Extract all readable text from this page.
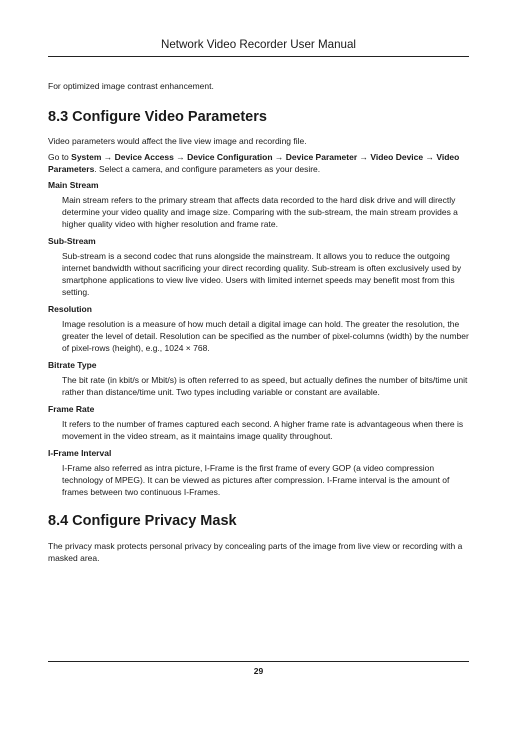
Network Video Recorder User Manual

For optimized image contrast enhancement.

8.3 Configure Video Parameters

Video parameters would affect the live view image and recording file.

Go to System → Device Access → Device Configuration → Device Parameter → Video Device → Video Parameters. Select a camera, and configure parameters as your desire.

Main Stream

Main stream refers to the primary stream that affects data recorded to the hard disk drive and will directly determine your video quality and image size. Comparing with the sub-stream, the main stream provides a higher quality video with higher resolution and frame rate.

Sub-Stream

Sub-stream is a second codec that runs alongside the mainstream. It allows you to reduce the outgoing internet bandwidth without sacrificing your direct recording quality. Sub-stream is often exclusively used by smartphone applications to view live video. Users with limited internet speeds may benefit most from this setting.

Resolution

Image resolution is a measure of how much detail a digital image can hold. The greater the resolution, the greater the level of detail. Resolution can be specified as the number of pixel-columns (width) by the number of pixel-rows (height), e.g., 1024 × 768.

Bitrate Type

The bit rate (in kbit/s or Mbit/s) is often referred to as speed, but actually defines the number of bits/time unit rather than distance/time unit. Two types including variable or constant are available.

Frame Rate

It refers to the number of frames captured each second. A higher frame rate is advantageous when there is movement in the video stream, as it maintains image quality throughout.

I-Frame Interval

I-Frame also referred as intra picture, I-Frame is the first frame of every GOP (a video compression technology of MPEG). It can be viewed as pictures after compression. I-Frame interval is the amount of frames between two continuous I-Frames.

8.4 Configure Privacy Mask

The privacy mask protects personal privacy by concealing parts of the image from live view or recording with a masked area.

29
